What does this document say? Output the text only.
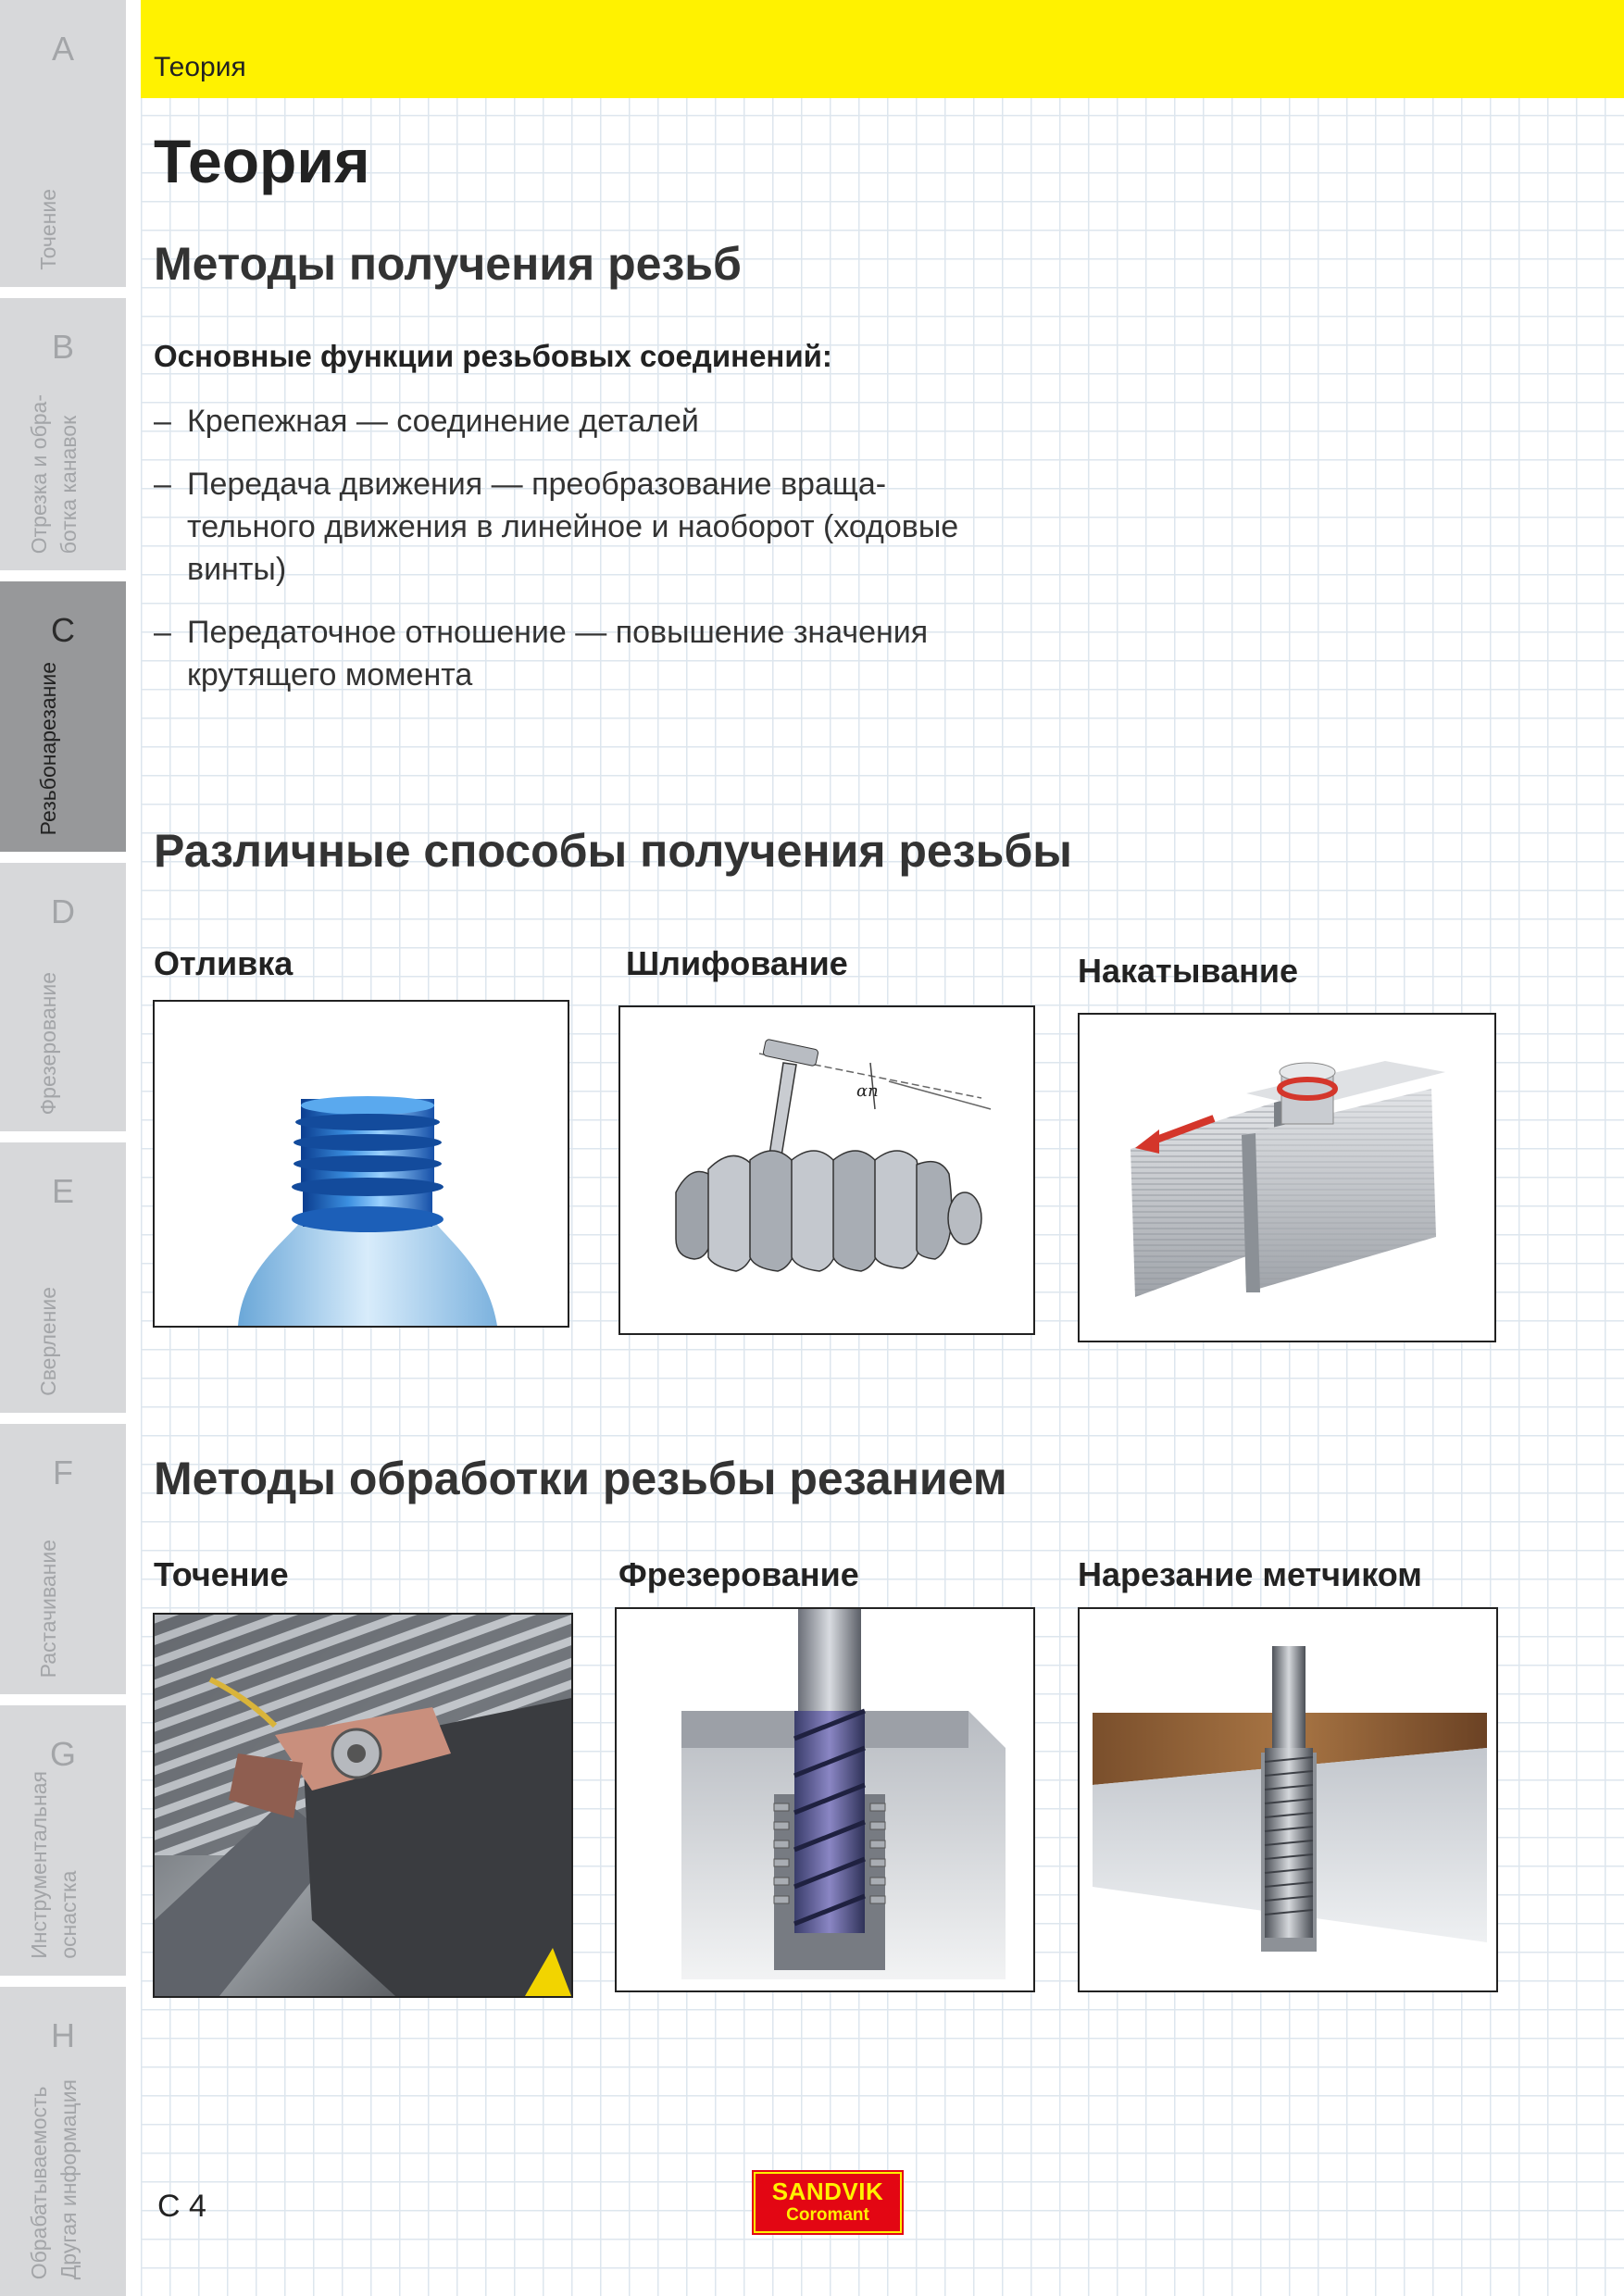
A
Точение
B
Отрезка и обра-
ботка канавок
C
Резьбонарезание
D
Фрезерование
E
Сверление
F
Растачивание
G
Инструментальная
оснастка
H
Обрабатываемость
Другая информация
Теория
Теория
Методы получения резьб
Основные функции резьбовых соединений:
– Крепежная — соединение деталей
– Передача движения — преобразование враща-
тельного движения в линейное и наоборот (ходовые
винты)
– Передаточное отношение — повышение значения
крутящего момента
Различные способы получения резьбы
Отливка	Шлифование	Накатывание
αn
Методы обработки резьбы резанием
Точение	Фрезерование	Нарезание метчиком
С 4	SANDVIK
Coromant
